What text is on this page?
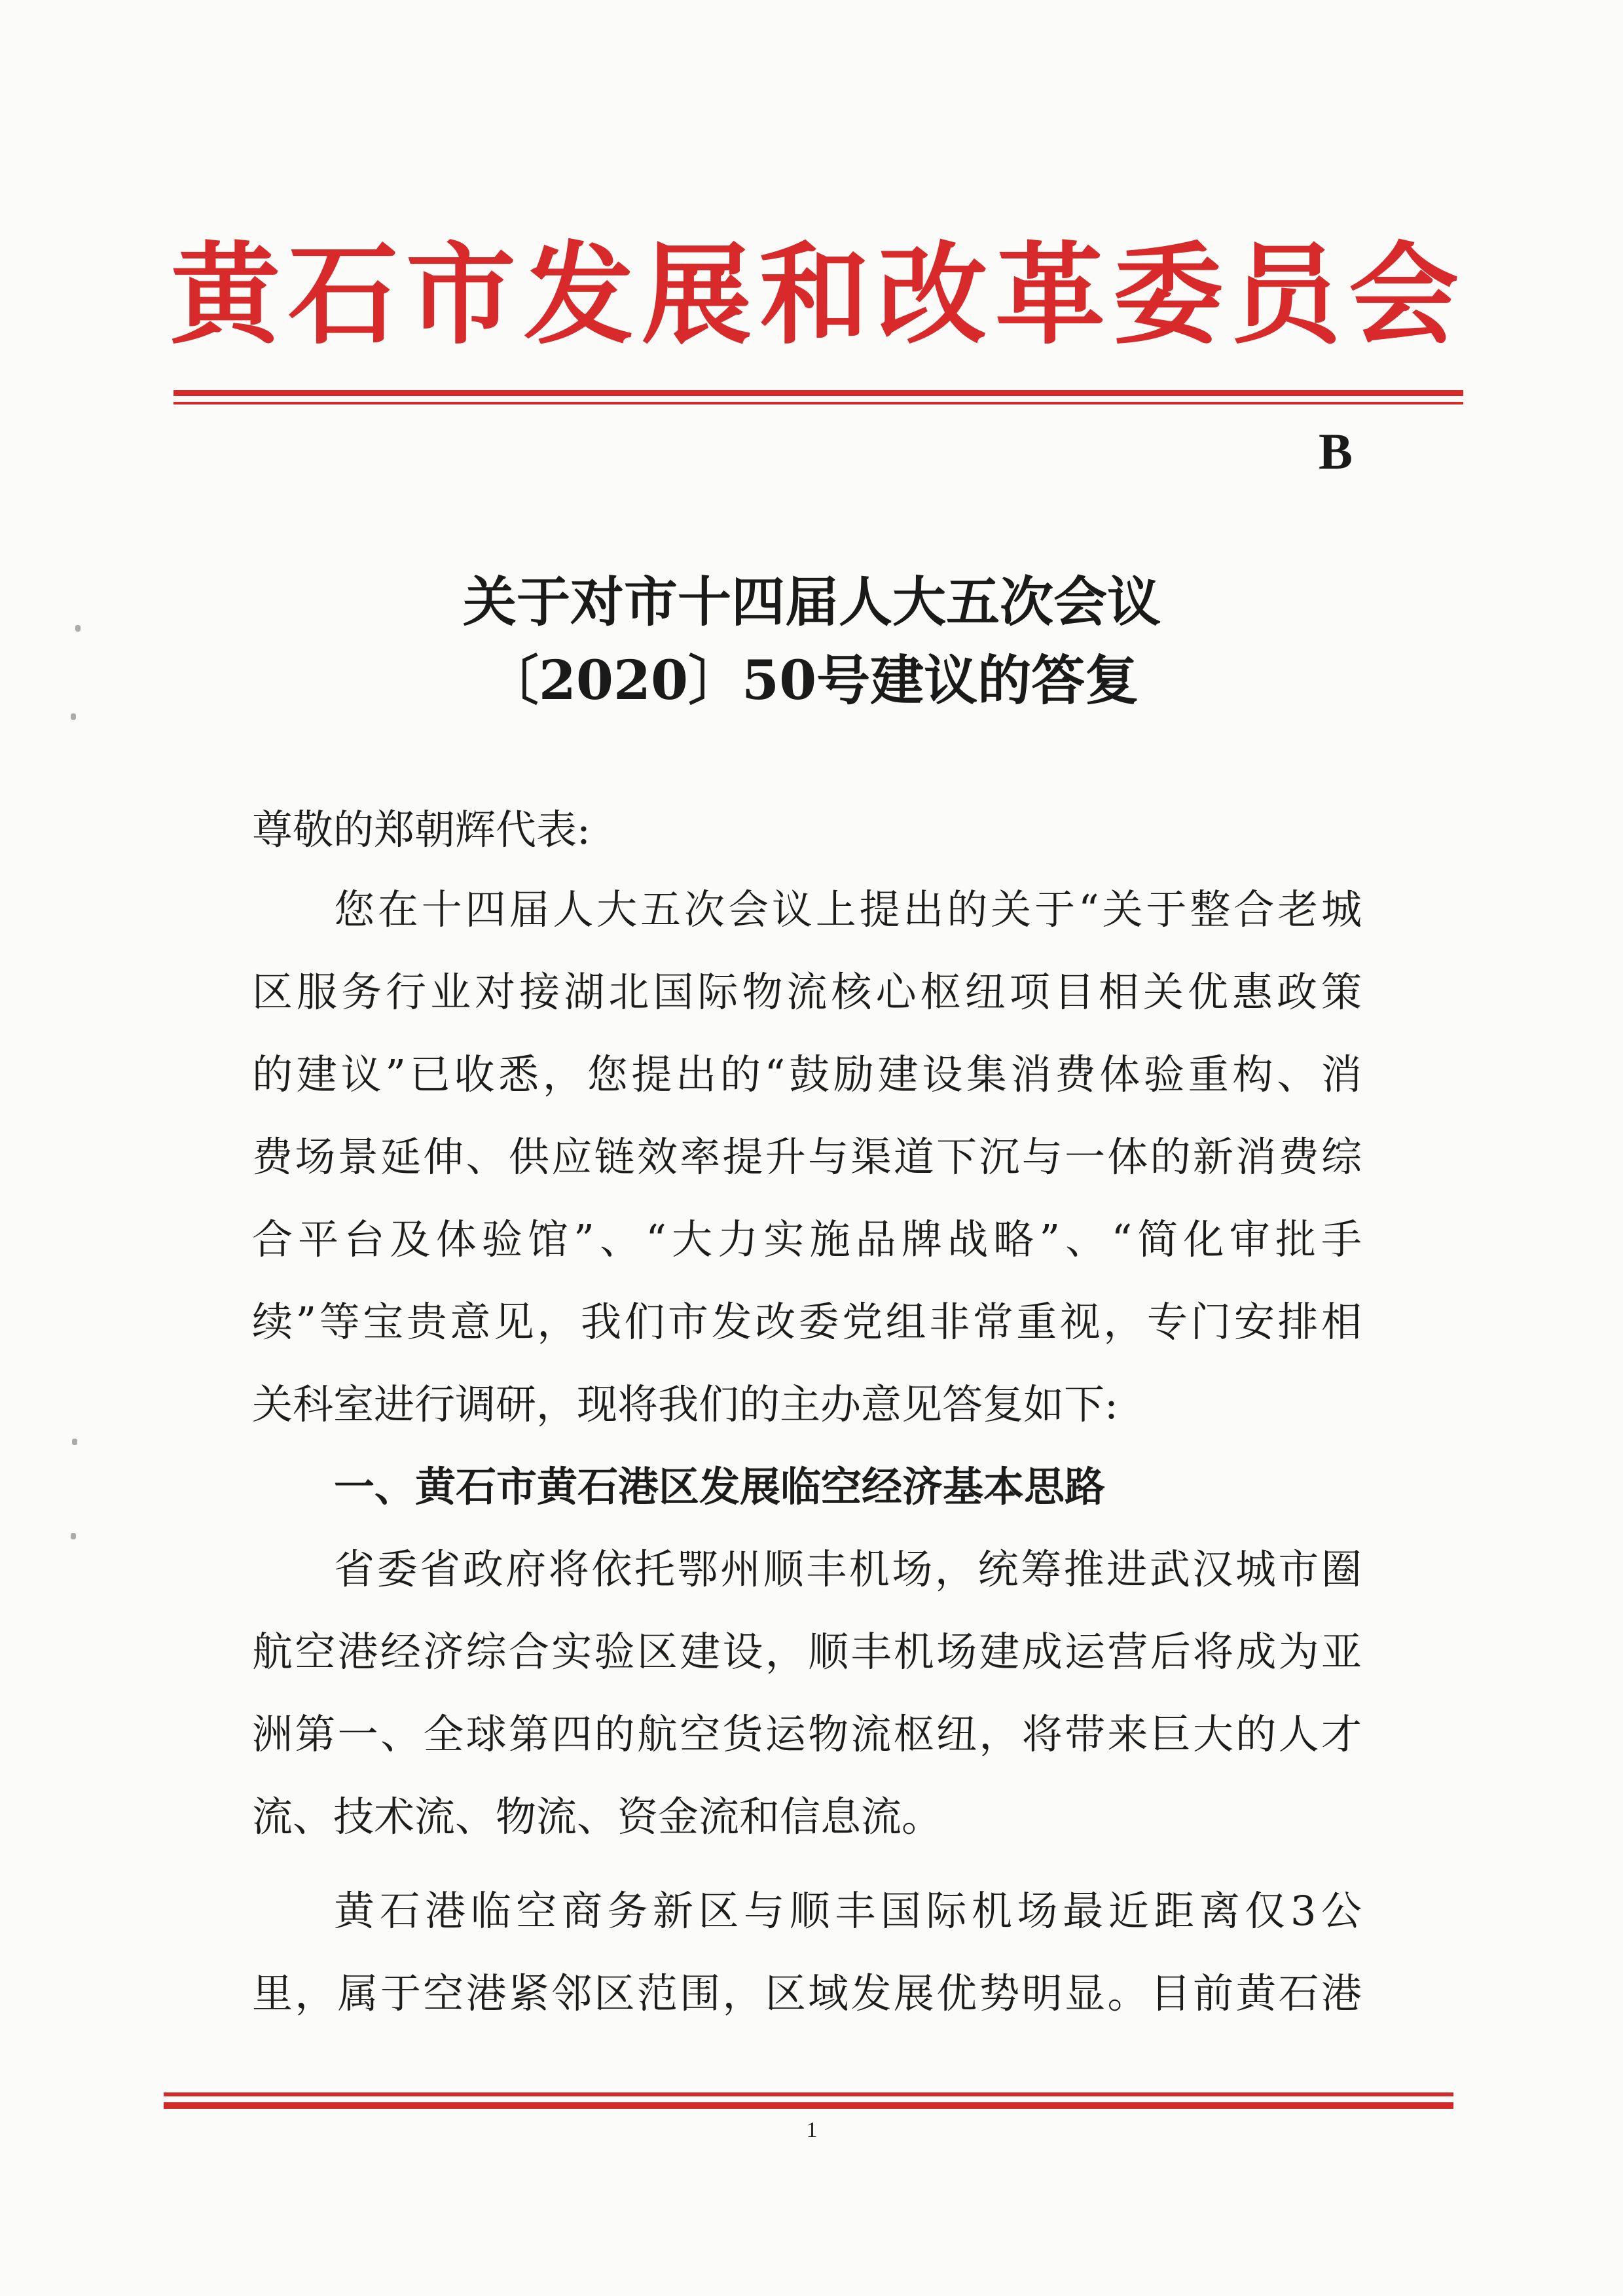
黄石市发展和改革委员会
B
关于对市十四届人大五次会议
〔2020〕50号建议的答复
尊敬的郑朝辉代表:
您在十四届人大五次会议上提出的关于“关于整合老城
区服务行业对接湖北国际物流核心枢纽项目相关优惠政策
的建议”已收悉，您提出的“鼓励建设集消费体验重构、消
费场景延伸、供应链效率提升与渠道下沉与一体的新消费综
合平台及体验馆”、“大力实施品牌战略”、“简化审批手
续”等宝贵意见，我们市发改委党组非常重视，专门安排相
关科室进行调研，现将我们的主办意见答复如下:
一、黄石市黄石港区发展临空经济基本思路
省委省政府将依托鄂州顺丰机场，统筹推进武汉城市圈
航空港经济综合实验区建设，顺丰机场建成运营后将成为亚
洲第一、全球第四的航空货运物流枢纽，将带来巨大的人才
流、技术流、物流、资金流和信息流。
黄石港临空商务新区与顺丰国际机场最近距离仅3公
里，属于空港紧邻区范围，区域发展优势明显。目前黄石港
1
